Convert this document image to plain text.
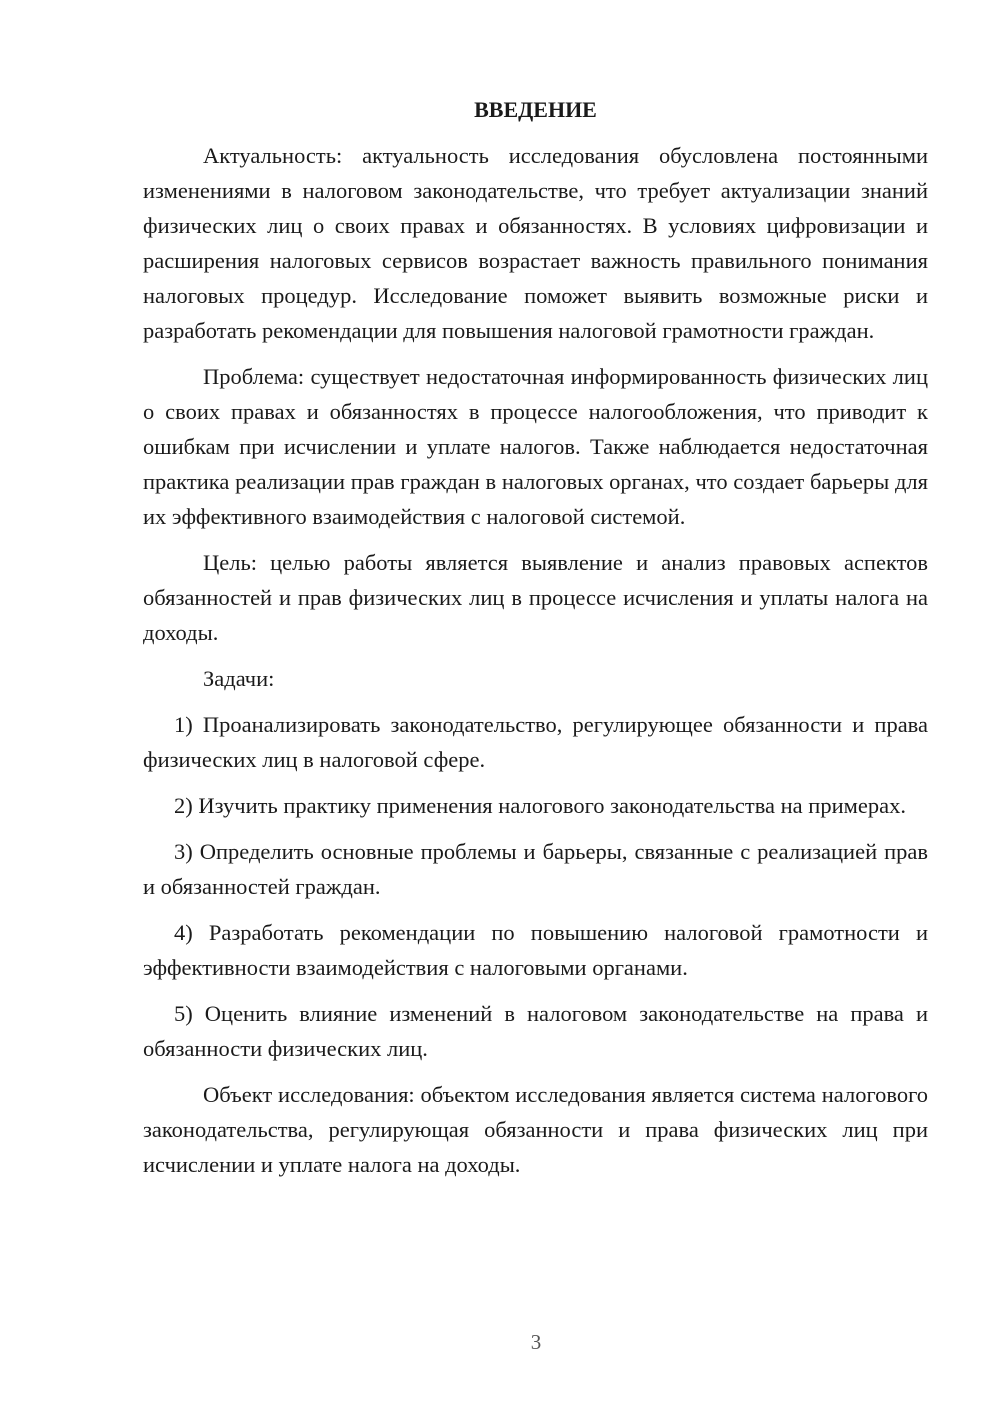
ВВЕДЕНИЕ

Актуальность: актуальность исследования обусловлена постоянными изменениями в налоговом законодательстве, что требует актуализации знаний физических лиц о своих правах и обязанностях. В условиях цифровизации и расширения налоговых сервисов возрастает важность правильного понимания налоговых процедур. Исследование поможет выявить возможные риски и разработать рекомендации для повышения налоговой грамотности граждан.

Проблема: существует недостаточная информированность физических лиц о своих правах и обязанностях в процессе налогообложения, что приводит к ошибкам при исчислении и уплате налогов. Также наблюдается недостаточная практика реализации прав граждан в налоговых органах, что создает барьеры для их эффективного взаимодействия с налоговой системой.

Цель: целью работы является выявление и анализ правовых аспектов обязанностей и прав физических лиц в процессе исчисления и уплаты налога на доходы.

Задачи:

1) Проанализировать законодательство, регулирующее обязанности и права физических лиц в налоговой сфере.

2) Изучить практику применения налогового законодательства на примерах.

3) Определить основные проблемы и барьеры, связанные с реализацией прав и обязанностей граждан.

4) Разработать рекомендации по повышению налоговой грамотности и эффективности взаимодействия с налоговыми органами.

5) Оценить влияние изменений в налоговом законодательстве на права и обязанности физических лиц.

Объект исследования: объектом исследования является система налогового законодательства, регулирующая обязанности и права физических лиц при исчислении и уплате налога на доходы.

3
